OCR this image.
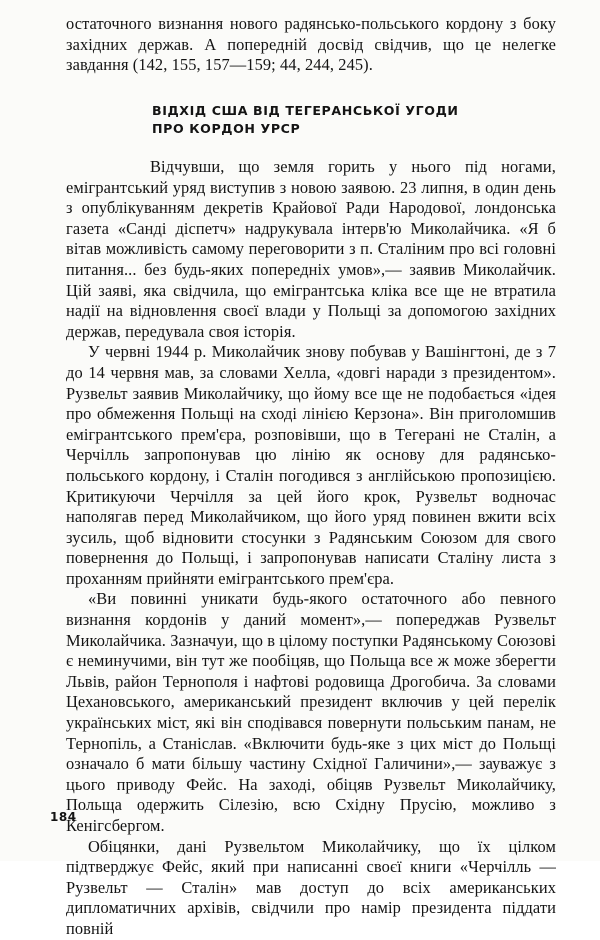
остаточного визнання нового радянсько-польського кордону з боку західних держав. А попередній досвід свідчив, що це нелегке завдання (142, 155, 157—159; 44, 244, 245).
ВІДХІД США ВІД ТЕГЕРАНСЬКОЇ УГОДИ
ПРО КОРДОН УРСР

Відчувши, що земля горить у нього під ногами, емігрантський уряд виступив з новою заявою. 23 липня, в один день з опублікуванням декретів Крайової Ради Народової, лондонська газета «Санді діспетч» надрукувала інтерв'ю Миколайчика. «Я б вітав можливість самому переговорити з п. Сталіним про всі головні питання... без будь-яких попередніх умов»,— заявив Миколайчик. Цій заяві, яка свідчила, що емігрантська кліка все ще не втратила надії на відновлення своєї влади у Польщі за допомогою західних держав, передувала своя історія.

У червні 1944 р. Миколайчик знову побував у Вашінгтоні, де з 7 до 14 червня мав, за словами Хелла, «довгі наради з президентом». Рузвельт заявив Миколайчику, що йому все ще не подобається «ідея про обмеження Польщі на сході лінією Керзона». Він приголомшив емігрантського прем'єра, розповівши, що в Тегерані не Сталін, а Черчілль запропонував цю лінію як основу для радянсько-польського кордону, і Сталін погодився з англійською пропозицією. Критикуючи Черчілля за цей його крок, Рузвельт водночас наполягав перед Миколайчиком, що його уряд повинен вжити всіх зусиль, щоб відновити стосунки з Радянським Союзом для свого повернення до Польщі, і запропонував написати Сталіну листа з проханням прийняти емігрантського прем'єра.

«Ви повинні уникати будь-якого остаточного або певного визнання кордонів у даний момент»,— попереджав Рузвельт Миколайчика. Зазначуи, що в цілому поступки Радянському Союзові є неминучими, він тут же пообіцяв, що Польща все ж може зберегти Львів, район Тернополя і нафтові родовища Дрогобича. За словами Цехановського, американський президент включив у цей перелік українських міст, які він сподівався повернути польським панам, не Тернопіль, а Станіслав. «Включити будь-яке з цих міст до Польщі означало б мати більшу частину Східної Галичини»,— зауважує з цього приводу Фейс. На заході, обіцяв Рузвельт Миколайчику, Польща одержить Сілезію, всю Східну Прусію, можливо з Кенігсбергом.

Обіцянки, дані Рузвельтом Миколайчику, що їх цілком підтверджує Фейс, який при написанні своєї книги «Черчілль — Рузвельт — Сталін» мав доступ до всіх американських дипломатичних архівів, свідчили про намір президента піддати повній

184
